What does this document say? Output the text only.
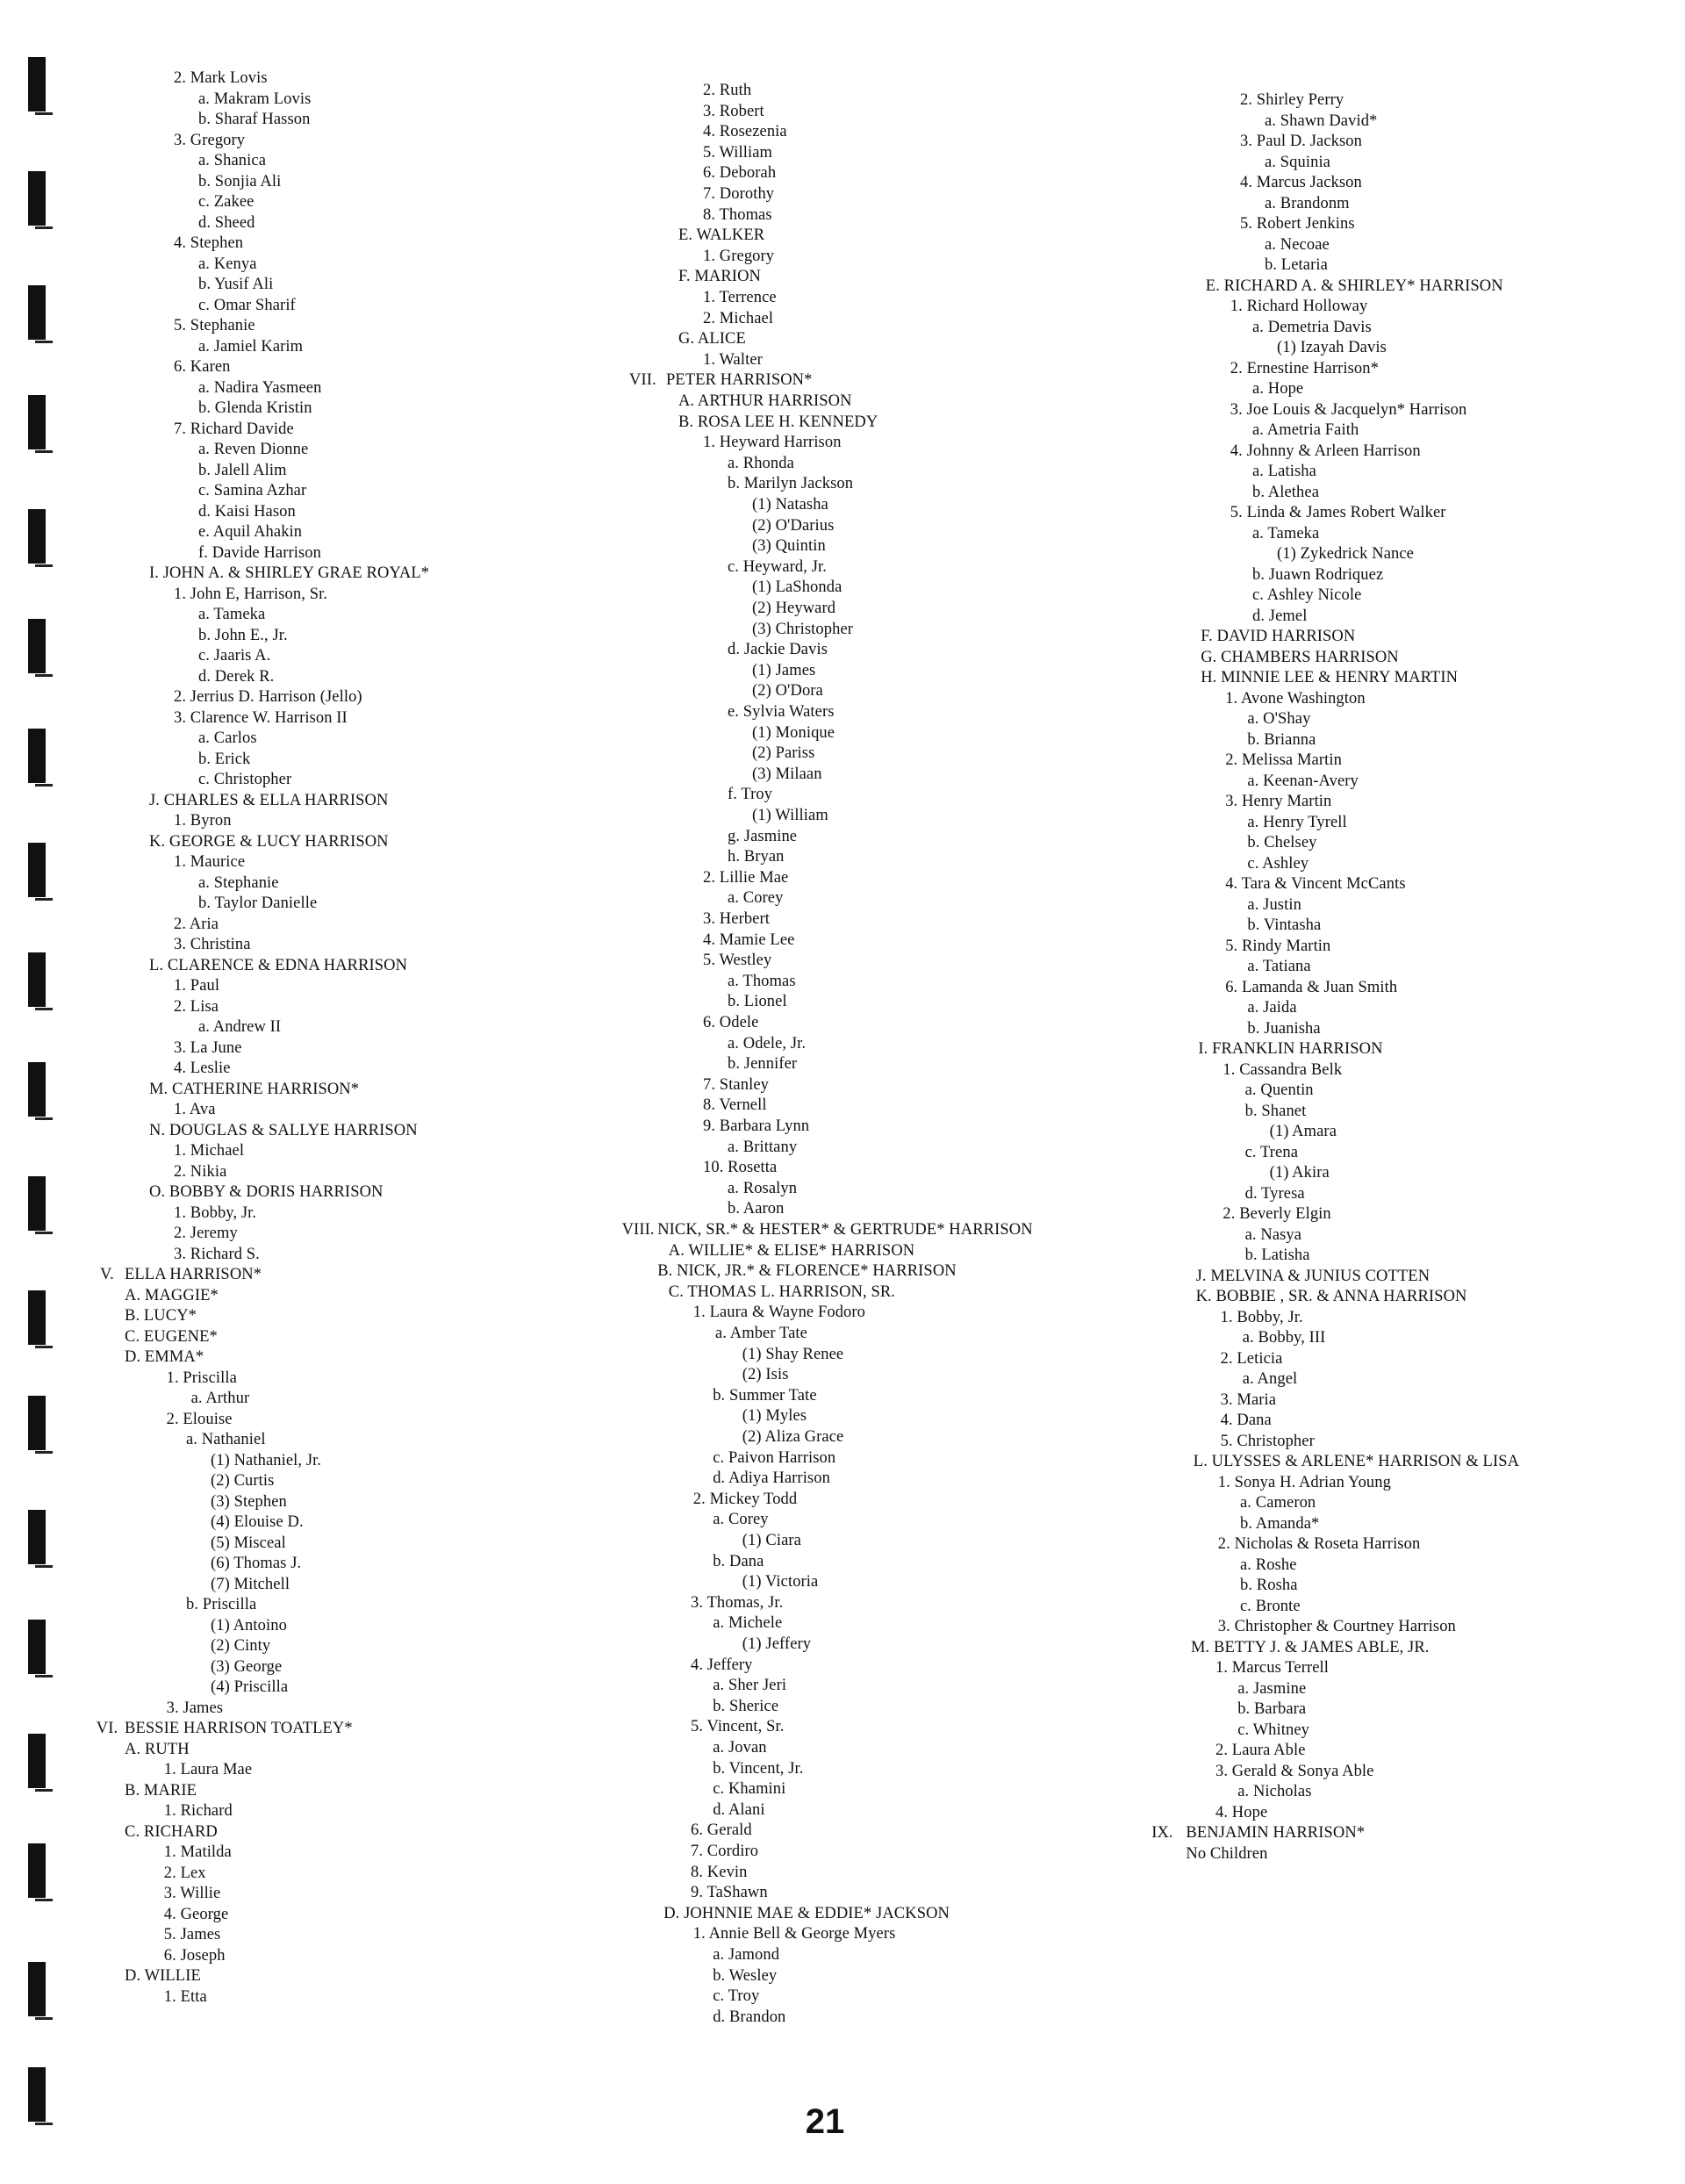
2. Mark Lovis
a. Makram Lovis
b. Sharaf Hasson
3. Gregory
a. Shanica
b. Sonjia Ali
c. Zakee
d. Sheed
4. Stephen
a. Kenya
b. Yusif Ali
c. Omar Sharif
5. Stephanie
a. Jamiel Karim
6. Karen
a. Nadira Yasmeen
b. Glenda Kristin
7. Richard Davide
a. Reven Dionne
b. Jalell Alim
c. Samina Azhar
d. Kaisi Hason
e. Aquil Ahakin
f. Davide Harrison
I. JOHN A. & SHIRLEY GRAE ROYAL*
1. John E, Harrison, Sr.
a. Tameka
b. John E., Jr.
c. Jaaris A.
d. Derek R.
2. Jerrius D. Harrison (Jello)
3. Clarence W. Harrison II
a. Carlos
b. Erick
c. Christopher
J. CHARLES & ELLA HARRISON
1. Byron
K. GEORGE & LUCY HARRISON
1. Maurice
a. Stephanie
b. Taylor Danielle
2. Aria
3. Christina
L. CLARENCE & EDNA HARRISON
1. Paul
2. Lisa
a. Andrew II
3. La June
4. Leslie
M. CATHERINE HARRISON*
1. Ava
N. DOUGLAS & SALLYE HARRISON
1. Michael
2. Nikia
O. BOBBY & DORIS HARRISON
1. Bobby, Jr.
2. Jeremy
3. Richard S.
V. ELLA HARRISON*
A. MAGGIE*
B. LUCY*
C. EUGENE*
D. EMMA*
1. Priscilla
a. Arthur
2. Elouise
a. Nathaniel
(1) Nathaniel, Jr.
(2) Curtis
(3) Stephen
(4) Elouise D.
(5) Misceal
(6) Thomas J.
(7) Mitchell
b. Priscilla
(1) Antoino
(2) Cinty
(3) George
(4) Priscilla
3. James
VI. BESSIE HARRISON TOATLEY*
A. RUTH
1. Laura Mae
B. MARIE
1. Richard
C. RICHARD
1. Matilda
2. Lex
3. Willie
4. George
5. James
6. Joseph
D. WILLIE
1. Etta
2. Ruth
3. Robert
4. Rosezenia
5. William
6. Deborah
7. Dorothy
8. Thomas
E. WALKER
1. Gregory
F. MARION
1. Terrence
2. Michael
G. ALICE
1. Walter
VII. PETER HARRISON*
A. ARTHUR HARRISON
B. ROSA LEE H. KENNEDY
1. Heyward Harrison
a. Rhonda
b. Marilyn Jackson
(1) Natasha
(2) O'Darius
(3) Quintin
c. Heyward, Jr.
(1) LaShonda
(2) Heyward
(3) Christopher
d. Jackie Davis
(1) James
(2) O'Dora
e. Sylvia Waters
(1) Monique
(2) Pariss
(3) Milaan
f. Troy
(1) William
g. Jasmine
h. Bryan
2. Lillie Mae
a. Corey
3. Herbert
4. Mamie Lee
5. Westley
a. Thomas
b. Lionel
6. Odele
a. Odele, Jr.
b. Jennifer
7. Stanley
8. Vernell
9. Barbara Lynn
a. Brittany
10. Rosetta
a. Rosalyn
b. Aaron
VIII. NICK, SR.* & HESTER* & GERTRUDE* HARRISON
A. WILLIE* & ELISE* HARRISON
B. NICK, JR.* & FLORENCE* HARRISON
C. THOMAS L. HARRISON, SR.
1. Laura & Wayne Fodoro
a. Amber Tate
(1) Shay Renee
(2) Isis
b. Summer Tate
(1) Myles
(2) Aliza Grace
c. Paivon Harrison
d. Adiya Harrison
2. Mickey Todd
a. Corey
(1) Ciara
b. Dana
(1) Victoria
3. Thomas, Jr.
a. Michele
(1) Jeffery
4. Jeffery
a. Sher Jeri
b. Sherice
5. Vincent, Sr.
a. Jovan
b. Vincent, Jr.
c. Khamini
d. Alani
6. Gerald
7. Cordiro
8. Kevin
9. TaShawn
D. JOHNNIE MAE & EDDIE* JACKSON
1. Annie Bell & George Myers
a. Jamond
b. Wesley
c. Troy
d. Brandon
2. Shirley Perry
a. Shawn David*
3. Paul D. Jackson
a. Squinia
4. Marcus Jackson
a. Brandonm
5. Robert Jenkins
a. Necoae
b. Letaria
E. RICHARD A. & SHIRLEY* HARRISON
1. Richard Holloway
a. Demetria Davis
(1) Izayah Davis
2. Ernestine Harrison*
a. Hope
3. Joe Louis & Jacquelyn* Harrison
a. Ametria Faith
4. Johnny & Arleen Harrison
a. Latisha
b. Alethea
5. Linda & James Robert Walker
a. Tameka
(1) Zykedrick Nance
b. Juawn Rodriquez
c. Ashley Nicole
d. Jemel
F. DAVID HARRISON
G. CHAMBERS HARRISON
H. MINNIE LEE & HENRY MARTIN
1. Avone Washington
a. O'Shay
b. Brianna
2. Melissa Martin
a. Keenan-Avery
3. Henry Martin
a. Henry Tyrell
b. Chelsey
c. Ashley
4. Tara & Vincent McCants
a. Justin
b. Vintasha
5. Rindy Martin
a. Tatiana
6. Lamanda & Juan Smith
a. Jaida
b. Juanisha
I. FRANKLIN HARRISON
1. Cassandra Belk
a. Quentin
b. Shanet
(1) Amara
c. Trena
(1) Akira
d. Tyresa
2. Beverly Elgin
a. Nasya
b. Latisha
J. MELVINA & JUNIUS COTTEN
K. BOBBIE , SR. & ANNA HARRISON
1. Bobby, Jr.
a. Bobby, III
2. Leticia
a. Angel
3. Maria
4. Dana
5. Christopher
L. ULYSSES & ARLENE* HARRISON & LISA
1. Sonya H. Adrian Young
a. Cameron
b. Amanda*
2. Nicholas & Roseta Harrison
a. Roshe
b. Rosha
c. Bronte
3. Christopher & Courtney Harrison
M. BETTY J. & JAMES ABLE, JR.
1. Marcus Terrell
a. Jasmine
b. Barbara
c. Whitney
2. Laura Able
3. Gerald & Sonya Able
a. Nicholas
4. Hope
IX. BENJAMIN HARRISON*
No Children
21
